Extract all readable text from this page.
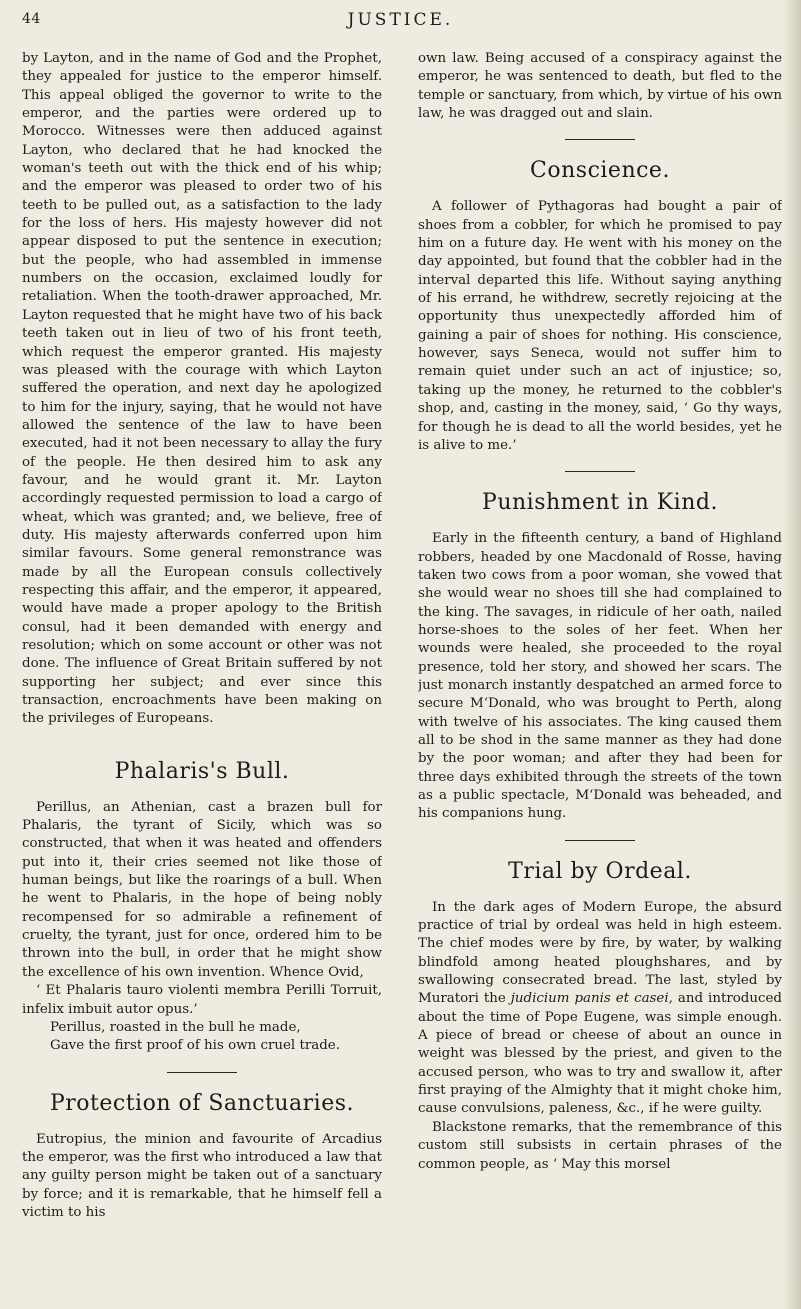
44	JUSTICE.

by Layton, and in the name of God and the Prophet, they appealed for justice to the emperor himself. This appeal obliged the governor to write to the emperor, and the parties were ordered up to Morocco. Witnesses were then adduced against Layton, who declared that he had knocked the woman's teeth out with the thick end of his whip; and the emperor was pleased to order two of his teeth to be pulled out, as a satisfaction to the lady for the loss of hers. His majesty however did not appear disposed to put the sentence in execution; but the people, who had assembled in immense numbers on the occasion, exclaimed loudly for retaliation. When the tooth-drawer approached, Mr. Layton requested that he might have two of his back teeth taken out in lieu of two of his front teeth, which request the emperor granted. His majesty was pleased with the courage with which Layton suffered the operation, and next day he apologized to him for the injury, saying, that he would not have allowed the sentence of the law to have been executed, had it not been necessary to allay the fury of the people. He then desired him to ask any favour, and he would grant it. Mr. Layton accordingly requested permission to load a cargo of wheat, which was granted; and, we believe, free of duty. His majesty afterwards conferred upon him similar favours. Some general remonstrance was made by all the European consuls collectively respecting this affair, and the emperor, it appeared, would have made a proper apology to the British consul, had it been demanded with energy and resolution; which on some account or other was not done. The influence of Great Britain suffered by not supporting her subject; and ever since this transaction, encroachments have been making on the privileges of Europeans.

Phalaris's Bull.

Perillus, an Athenian, cast a brazen bull for Phalaris, the tyrant of Sicily, which was so constructed, that when it was heated and offenders put into it, their cries seemed not like those of human beings, but like the roarings of a bull. When he went to Phalaris, in the hope of being nobly recompensed for so admirable a refinement of cruelty, the tyrant, just for once, ordered him to be thrown into the bull, in order that he might show the excellence of his own invention. Whence Ovid,

‘ Et Phalaris tauro violenti membra Perilli Torruit, infelix imbuit autor opus.’

Perillus, roasted in the bull he made,

Gave the first proof of his own cruel trade.

Protection of Sanctuaries.

Eutropius, the minion and favourite of Arcadius the emperor, was the first who introduced a law that any guilty person might be taken out of a sanctuary by force; and it is remarkable, that he himself fell a victim to his

own law. Being accused of a conspiracy against the emperor, he was sentenced to death, but fled to the temple or sanctuary, from which, by virtue of his own law, he was dragged out and slain.

Conscience.

A follower of Pythagoras had bought a pair of shoes from a cobbler, for which he promised to pay him on a future day. He went with his money on the day appointed, but found that the cobbler had in the interval departed this life. Without saying anything of his errand, he withdrew, secretly rejoicing at the opportunity thus unexpectedly afforded him of gaining a pair of shoes for nothing. His conscience, however, says Seneca, would not suffer him to remain quiet under such an act of injustice; so, taking up the money, he returned to the cobbler's shop, and, casting in the money, said, ‘ Go thy ways, for though he is dead to all the world besides, yet he is alive to me.’

Punishment in Kind.

Early in the fifteenth century, a band of Highland robbers, headed by one Macdonald of Rosse, having taken two cows from a poor woman, she vowed that she would wear no shoes till she had complained to the king. The savages, in ridicule of her oath, nailed horse-shoes to the soles of her feet. When her wounds were healed, she proceeded to the royal presence, told her story, and showed her scars. The just monarch instantly despatched an armed force to secure M‘Donald, who was brought to Perth, along with twelve of his associates. The king caused them all to be shod in the same manner as they had done by the poor woman; and after they had been for three days exhibited through the streets of the town as a public spectacle, M‘Donald was beheaded, and his companions hung.

Trial by Ordeal.

In the dark ages of Modern Europe, the absurd practice of trial by ordeal was held in high esteem. The chief modes were by fire, by water, by walking blindfold among heated ploughshares, and by swallowing consecrated bread. The last, styled by Muratori the judicium panis et casei, and introduced about the time of Pope Eugene, was simple enough. A piece of bread or cheese of about an ounce in weight was blessed by the priest, and given to the accused person, who was to try and swallow it, after first praying of the Almighty that it might choke him, cause convulsions, paleness, &c., if he were guilty.

Blackstone remarks, that the remembrance of this custom still subsists in certain phrases of the common people, as ‘ May this morsel
